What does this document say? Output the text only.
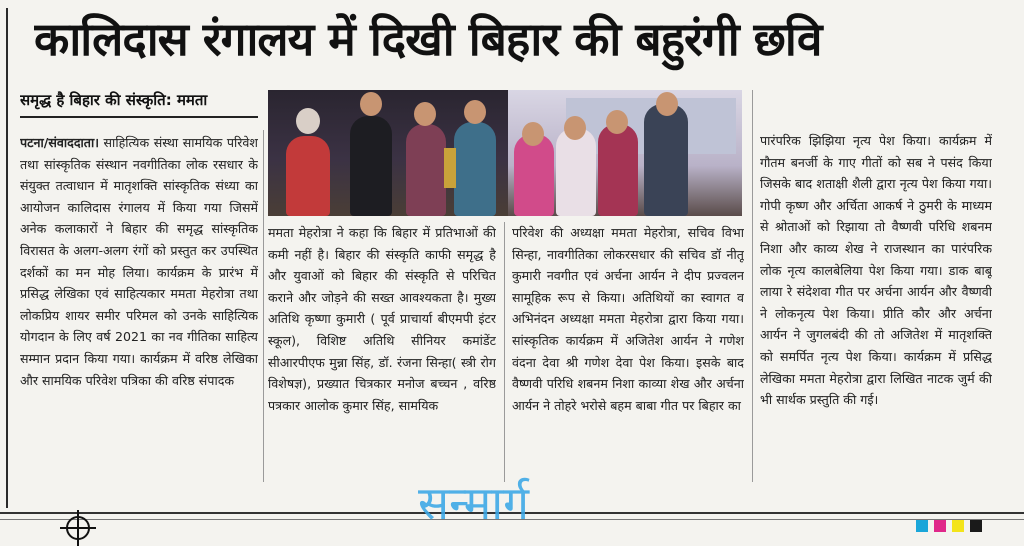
कालिदास रंगालय में दिखी बिहार की बहुरंगी छवि
समृद्ध है बिहार की संस्कृति: ममता
पटना/संवाददाता। साहित्यिक संस्था सामयिक परिवेश तथा सांस्कृतिक संस्थान नवगीतिका लोक रसधार के संयुक्त तत्वाधान में मातृशक्ति सांस्कृतिक संध्या का आयोजन कालिदास रंगालय में किया गया जिसमें अनेक कलाकारों ने बिहार की समृद्ध सांस्कृतिक विरासत के अलग-अलग रंगों को प्रस्तुत कर उपस्थित दर्शकों का मन मोह लिया। कार्यक्रम के प्रारंभ में प्रसिद्ध लेखिका एवं साहित्यकार ममता मेहरोत्रा तथा लोकप्रिय शायर समीर परिमल को उनके साहित्यिक योगदान के लिए वर्ष 2021 का नव गीतिका साहित्य सम्मान प्रदान किया गया। कार्यक्रम में वरिष्ठ लेखिका और सामयिक परिवेश पत्रिका की वरिष्ठ संपादक
ममता मेहरोत्रा ने कहा कि बिहार में प्रतिभाओं की कमी नहीं है। बिहार की संस्कृति काफी समृद्ध है और युवाओं को बिहार की संस्कृति से परिचित कराने और जोड़ने की सख्त आवश्यकता है। मुख्य अतिथि कृष्णा कुमारी ( पूर्व प्राचार्या बीएमपी इंटर स्कूल), विशिष्ट अतिथि सीनियर कमांडेंट सीआरपीएफ मुन्ना सिंह, डॉ. रंजना सिन्हा( स्त्री रोग विशेषज्ञ), प्रख्यात चित्रकार मनोज बच्चन , वरिष्ठ पत्रकार आलोक कुमार सिंह, सामयिक
परिवेश की अध्यक्षा ममता मेहरोत्रा, सचिव विभा सिन्हा, नावगीतिका लोकरसधार की सचिव डॉ नीतू कुमारी नवगीत एवं अर्चना आर्यन ने दीप प्रज्वलन सामूहिक रूप से किया। अतिथियों का स्वागत व अभिनंदन अध्यक्षा ममता मेहरोत्रा द्वारा किया गया। सांस्कृतिक कार्यक्रम में अजितेश आर्यन ने गणेश वंदना देवा श्री गणेश देवा पेश किया। इसके बाद वैष्णवी परिधि शबनम निशा काव्या शेख और अर्चना आर्यन ने तोहरे भरोसे बहम बाबा गीत पर बिहार का
पारंपरिक झिझिया नृत्य पेश किया। कार्यक्रम में गौतम बनर्जी के गाए गीतों को सब ने पसंद किया जिसके बाद शताक्षी शैली द्वारा नृत्य पेश किया गया। गोपी कृष्ण और अर्चिता आकर्ष ने ठुमरी के माध्यम से श्रोताओं को रिझाया तो वैष्णवी परिधि शबनम निशा और काव्य शेख ने राजस्थान का पारंपरिक लोक नृत्य कालबेलिया पेश किया गया। डाक बाबू लाया रे संदेशवा गीत पर अर्चना आर्यन और वैष्णवी ने लोकनृत्य पेश किया। प्रीति कौर और अर्चना आर्यन ने जुगलबंदी की तो अजितेश में मातृशक्ति को समर्पित नृत्य पेश किया। कार्यक्रम में प्रसिद्ध लेखिका ममता मेहरोत्रा द्वारा लिखित नाटक जुर्म की भी सार्थक प्रस्तुति की गई।
सन्मार्ग
